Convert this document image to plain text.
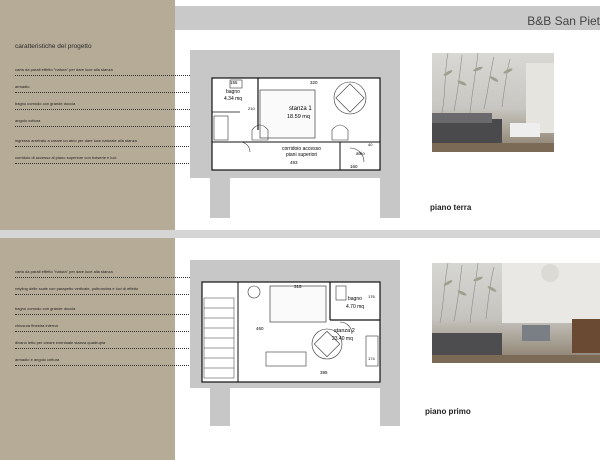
caratteristiche del progetto
carta da parati effetto "natura" per dare luce alla stanza
armadio
bagno comodo con grande doccia
angolo cottura
ingresso arretrato a creare un atrio per dare luce naturale alla stanza
corridoio di accesso al piano superiore con boiserie e luci
carta da parati effetto "natura" per dare luce alla stanza
retyling delle scale con parapetto verticale, poltroncina e luci di effetto
bagno comodo con grande doccia
chiusura finestra interna
divano letto per creare eventuale stanza quadrupla
armadio e angolo cottura
B&B San Piet
bagno
4.34 mq
stanza 1
18.59 mq
corridoio accesso
piani superiori	atrio
155	320
493
160
210
40
piano terra
bagno
4.70 mq
stanza 2
23.40 mq
315
176
460
395
174
piano primo
